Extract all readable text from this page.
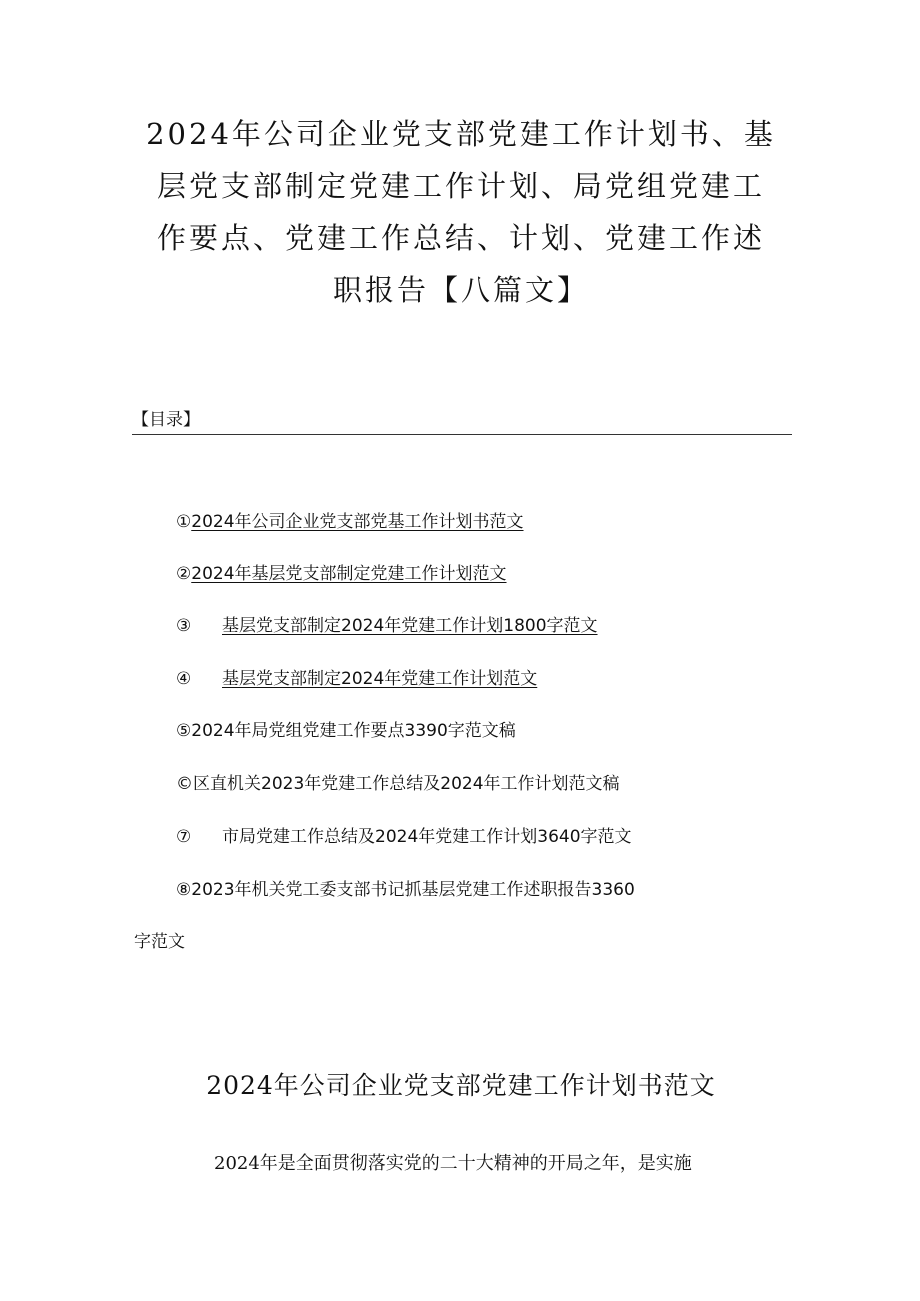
2024年公司企业党支部党建工作计划书、基
层党支部制定党建工作计划、局党组党建工
作要点、党建工作总结、计划、党建工作述
职报告【八篇文】
【目录】
①2024年公司企业党支部党基工作计划书范文
②2024年基层党支部制定党建工作计划范文
③ 基层党支部制定2024年党建工作计划1800字范文
④ 基层党支部制定2024年党建工作计划范文
⑤2024年局党组党建工作要点3390字范文稿
©区直机关2023年党建工作总结及2024年工作计划范文稿
⑦ 市局党建工作总结及2024年党建工作计划3640字范文
⑧2023年机关党工委支部书记抓基层党建工作述职报告3360
字范文
2024年公司企业党支部党建工作计划书范文
2024年是全面贯彻落实党的二十大精神的开局之年，是实施
